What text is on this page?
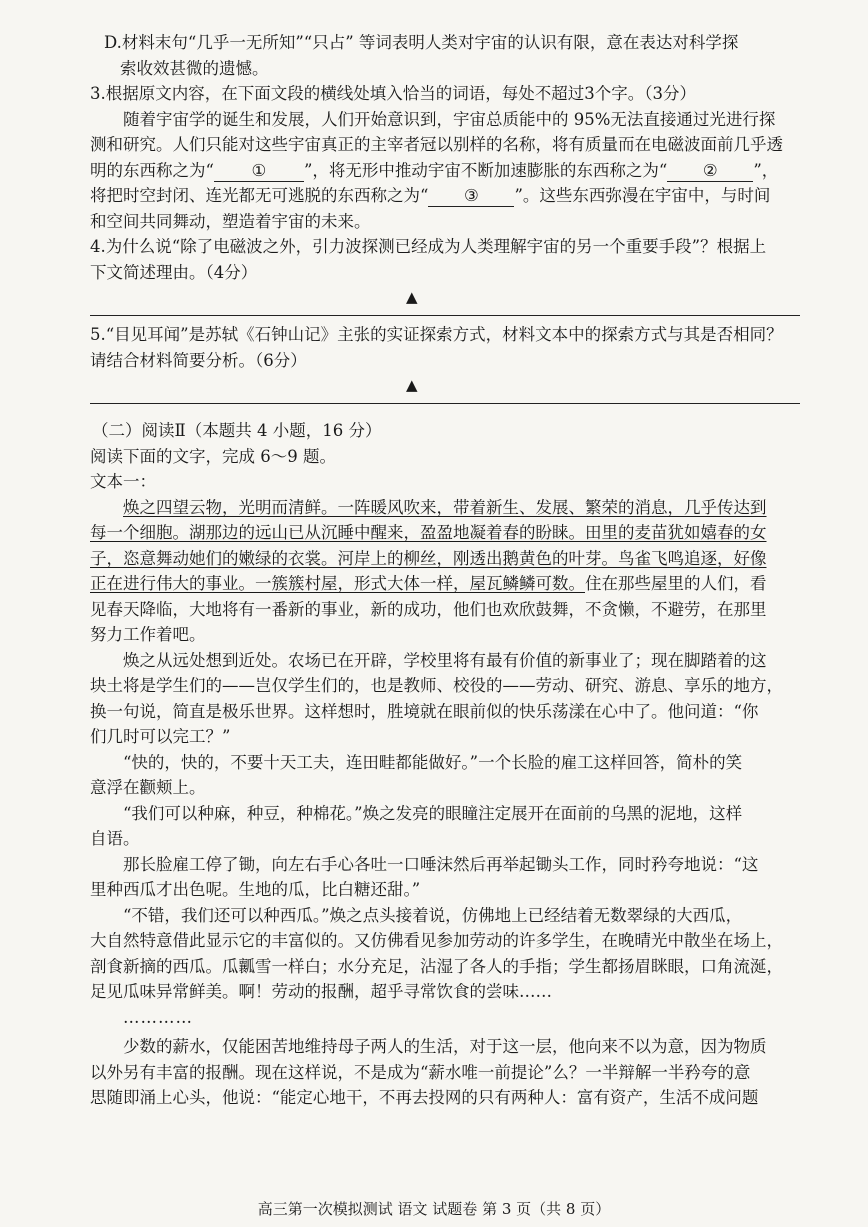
D.材料末句“几乎一无所知”“只占” 等词表明人类对宇宙的认识有限，意在表达对科学探
索收效甚微的遗憾。
3.根据原文内容，在下面文段的横线处填入恰当的词语，每处不超过3个字。（3分）
随着宇宙学的诞生和发展，人们开始意识到，宇宙总质能中的 95%无法直接通过光进行探
测和研究。人们只能对这些宇宙真正的主宰者冠以别样的名称，将有质量而在电磁波面前几乎透
明的东西称之为“ ① ”，将无形中推动宇宙不断加速膨胀的东西称之为“ ② ”，
将把时空封闭、连光都无可逃脱的东西称之为“ ③ ”。这些东西弥漫在宇宙中，与时间
和空间共同舞动，塑造着宇宙的未来。
4.为什么说“除了电磁波之外，引力波探测已经成为人类理解宇宙的另一个重要手段”？根据上
下文简述理由。（4分）
▲
5.“目见耳闻”是苏轼《石钟山记》主张的实证探索方式，材料文本中的探索方式与其是否相同？
请结合材料简要分析。（6分）
▲
（二）阅读Ⅱ（本题共 4 小题，16 分）
阅读下面的文字，完成 6～9 题。
文本一：
焕之四望云物，光明而清鲜。一阵暖风吹来，带着新生、发展、繁荣的消息，几乎传达到
每一个细胞。湖那边的远山已从沉睡中醒来，盈盈地凝着春的盼睐。田里的麦苗犹如嬉春的女
子，恣意舞动她们的嫩绿的衣裳。河岸上的柳丝，刚透出鹅黄色的叶芽。鸟雀飞鸣追逐，好像
正在进行伟大的事业。一簇簇村屋，形式大体一样，屋瓦鳞鳞可数。住在那些屋里的人们，看
见春天降临，大地将有一番新的事业，新的成功，他们也欢欣鼓舞，不贪懒，不避劳，在那里
努力工作着吧。
焕之从远处想到近处。农场已在开辟，学校里将有最有价值的新事业了；现在脚踏着的这
块土将是学生们的——岂仅学生们的，也是教师、校役的——劳动、研究、游息、享乐的地方，
换一句说，简直是极乐世界。这样想时，胜境就在眼前似的快乐荡漾在心中了。他问道：“你
们几时可以完工？”
“快的，快的，不要十天工夫，连田畦都能做好。”一个长脸的雇工这样回答，简朴的笑
意浮在颧颊上。
“我们可以种麻，种豆，种棉花。”焕之发亮的眼瞳注定展开在面前的乌黑的泥地，这样
自语。
那长脸雇工停了锄，向左右手心各吐一口唾沫然后再举起锄头工作，同时矜夸地说：“这
里种西瓜才出色呢。生地的瓜，比白糖还甜。”
“不错，我们还可以种西瓜。”焕之点头接着说，仿佛地上已经结着无数翠绿的大西瓜，
大自然特意借此显示它的丰富似的。又仿佛看见参加劳动的许多学生，在晚晴光中散坐在场上，
剖食新摘的西瓜。瓜瓤雪一样白；水分充足，沾湿了各人的手指；学生都扬眉眯眼，口角流涎，
足见瓜味异常鲜美。啊！劳动的报酬，超乎寻常饮食的尝味……
…………
少数的薪水，仅能困苦地维持母子两人的生活，对于这一层，他向来不以为意，因为物质
以外另有丰富的报酬。现在这样说，不是成为“薪水唯一前提论”么？一半辩解一半矜夸的意
思随即涌上心头，他说：“能定心地干，不再去投网的只有两种人：富有资产，生活不成问题
高三第一次模拟测试 语文 试题卷 第 3 页（共 8 页）
